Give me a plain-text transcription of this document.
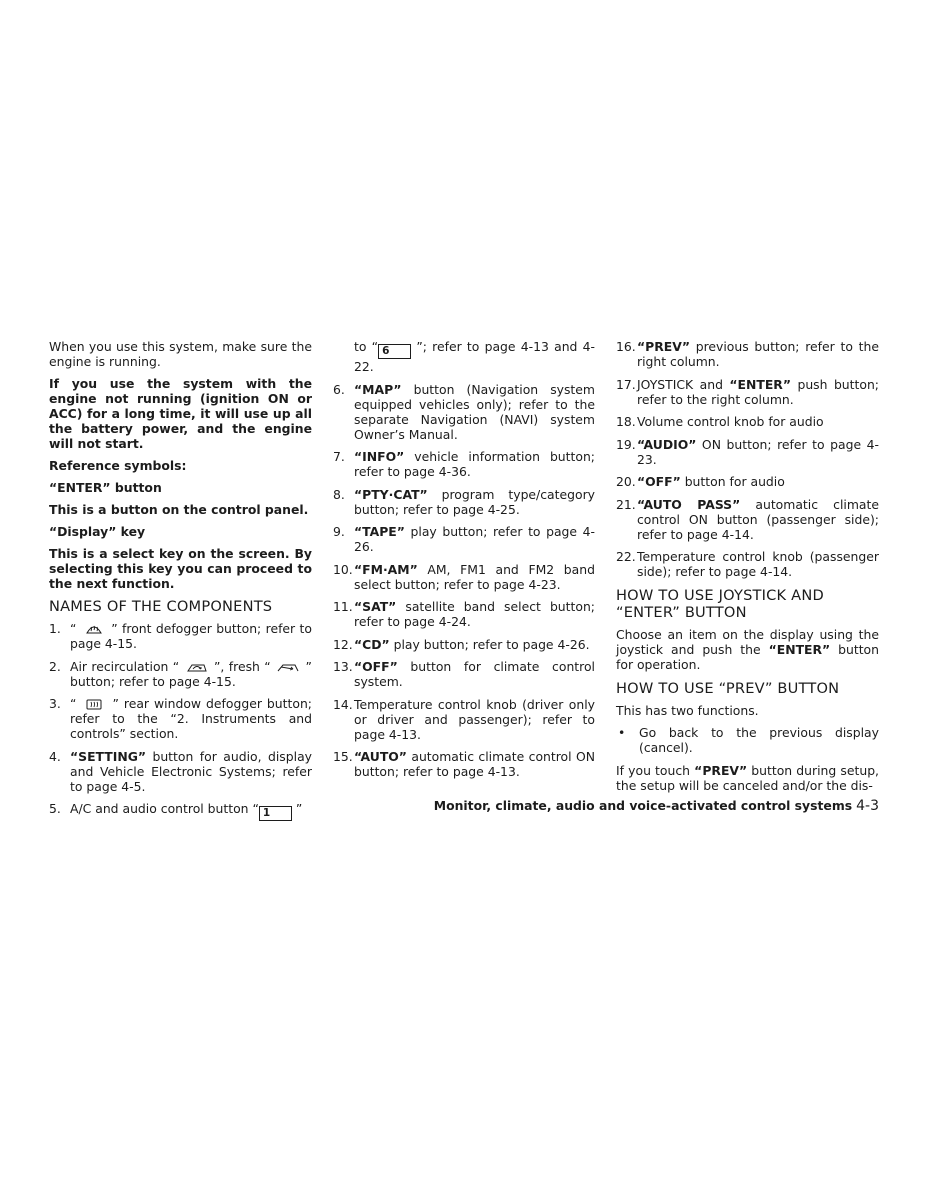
When you use this system, make sure the engine is running.

If you use the system with the engine not running (ignition ON or ACC) for a long time, it will use up all the battery power, and the engine will not start.

Reference symbols:

“ENTER” button

This is a button on the control panel.

“Display” key

This is a select key on the screen. By selecting this key you can proceed to the next function.

NAMES OF THE COMPONENTS
1. “	” front defogger button; refer to page 4-15.
2. Air recirculation “	”, fresh “	” button; refer to page 4-15.
3. “	” rear window defogger button; refer to the “2. Instruments and controls” section.
4. “SETTING” button for audio, display and Vehicle Electronic Systems; refer to page 4-5.
5. A/C and audio control button “ 1 ”
to “ 6 ”; refer to page 4-13 and 4-22.
6. “MAP” button (Navigation system equipped vehicles only); refer to the separate Navigation (NAVI) system Owner’s Manual.
7. “INFO” vehicle information button; refer to page 4-36.
8. “PTY·CAT” program type/category button; refer to page 4-25.
9. “TAPE” play button; refer to page 4-26.
10. “FM·AM” AM, FM1 and FM2 band select button; refer to page 4-23.
11. “SAT” satellite band select button; refer to page 4-24.
12. “CD” play button; refer to page 4-26.
13. “OFF” button for climate control system.
14. Temperature control knob (driver only or driver and passenger); refer to page 4-13.
15. “AUTO” automatic climate control ON button; refer to page 4-13.
16. “PREV” previous button; refer to the right column.
17. JOYSTICK and “ENTER” push button; refer to the right column.
18. Volume control knob for audio
19. “AUDIO” ON button; refer to page 4-23.
20. “OFF” button for audio
21. “AUTO PASS” automatic climate control ON button (passenger side); refer to page 4-14.
22. Temperature control knob (passenger side); refer to page 4-14.
HOW TO USE JOYSTICK AND “ENTER” BUTTON

Choose an item on the display using the joystick and push the “ENTER” button for operation.

HOW TO USE “PREV” BUTTON

This has two functions.

•	Go back to the previous display (cancel).

If you touch “PREV” button during setup, the setup will be canceled and/or the dis-

Monitor, climate, audio and voice-activated control systems 4-3
